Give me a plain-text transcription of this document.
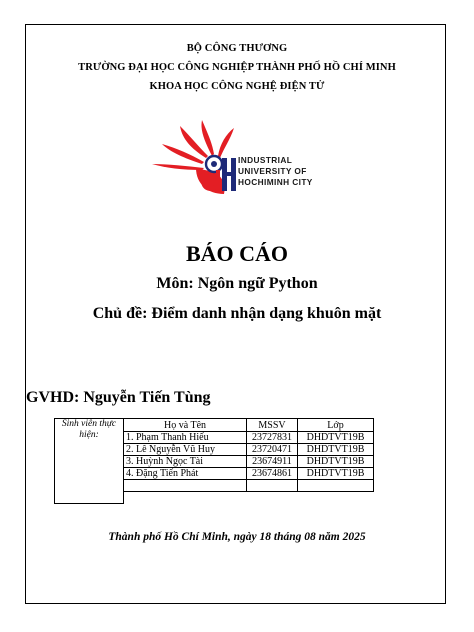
BỘ CÔNG THƯƠNG
TRƯỜNG ĐẠI HỌC CÔNG NGHIỆP THÀNH PHỐ HỒ CHÍ MINH
KHOA HỌC CÔNG NGHỆ ĐIỆN TỬ
INDUSTRIAL
UNIVERSITY OF
HOCHIMINH CITY
BÁO CÁO
Môn: Ngôn ngữ Python
Chủ đề: Điểm danh nhận dạng khuôn mặt
GVHD: Nguyễn Tiến Tùng
Sinh viên thực hiện:	Họ và Tên	MSSV	Lớp
	1. Phạm Thanh Hiếu	23727831	DHDTVT19B
	2. Lê Nguyễn Vũ Huy	23720471	DHDTVT19B
	3. Huỳnh Ngọc Tài	23674911	DHDTVT19B
	4. Đặng Tiến Phát	23674861	DHDTVT19B

Thành phố Hồ Chí Minh, ngày 18 tháng 08 năm 2025
